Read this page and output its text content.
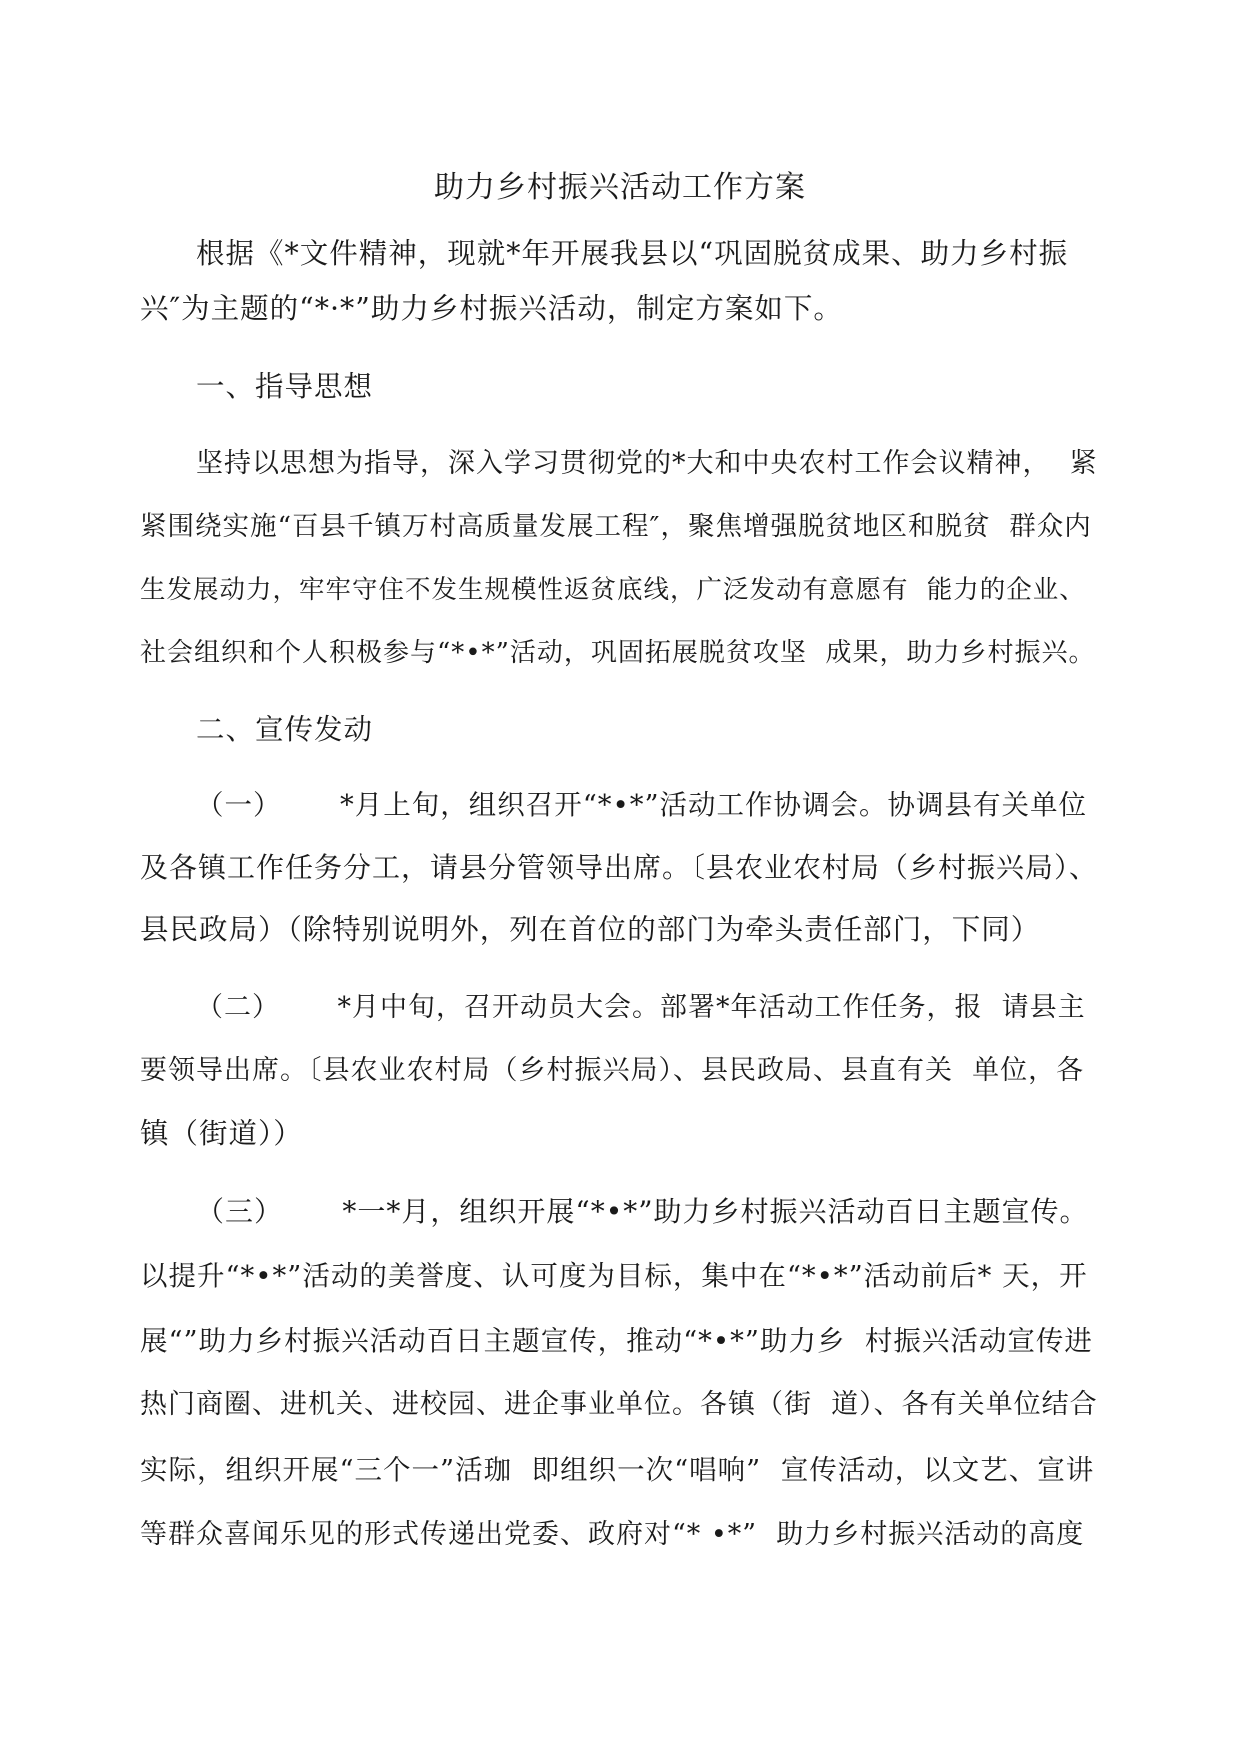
助力乡村振兴活动工作方案
根据《*文件精神，现就*年开展我县以“巩固脱贫成果、助力乡村振
兴″为主题的“*·*”助力乡村振兴活动，制定方案如下。
一、指导思想
坚持以思想为指导，深入学习贯彻党的*大和中央农村工作会议精神，  紧
紧围绕实施“百县千镇万村高质量发展工程″，聚焦增强脱贫地区和脱贫  群众内
生发展动力，牢牢守住不发生规模性返贫底线，广泛发动有意愿有  能力的企业、
社会组织和个人积极参与“*•*”活动，巩固拓展脱贫攻坚  成果，助力乡村振兴。
二、宣传发动
（一）      *月上旬，组织召开“*•*”活动工作协调会。协调县有关单位
及各镇工作任务分工，请县分管领导出席。〔县农业农村局（乡村振兴局）、
县民政局）（除特别说明外，列在首位的部门为牵头责任部门，下同）
（二）      *月中旬，召开动员大会。部署*年活动工作任务，报  请县主
要领导出席。〔县农业农村局（乡村振兴局）、县民政局、县直有关  单位，各
镇（街道））
（三）      *一*月，组织开展“*•*”助力乡村振兴活动百日主题宣传。
以提升“*•*”活动的美誉度、认可度为目标，集中在“*•*”活动前后* 天，开
展“”助力乡村振兴活动百日主题宣传，推动“*•*”助力乡  村振兴活动宣传进
热门商圈、进机关、进校园、进企事业单位。各镇（街  道）、各有关单位结合
实际，组织开展“三个一”活珈  即组织一次“唱响”  宣传活动，以文艺、宣讲
等群众喜闻乐见的形式传递出党委、政府对“* •*”  助力乡村振兴活动的高度
